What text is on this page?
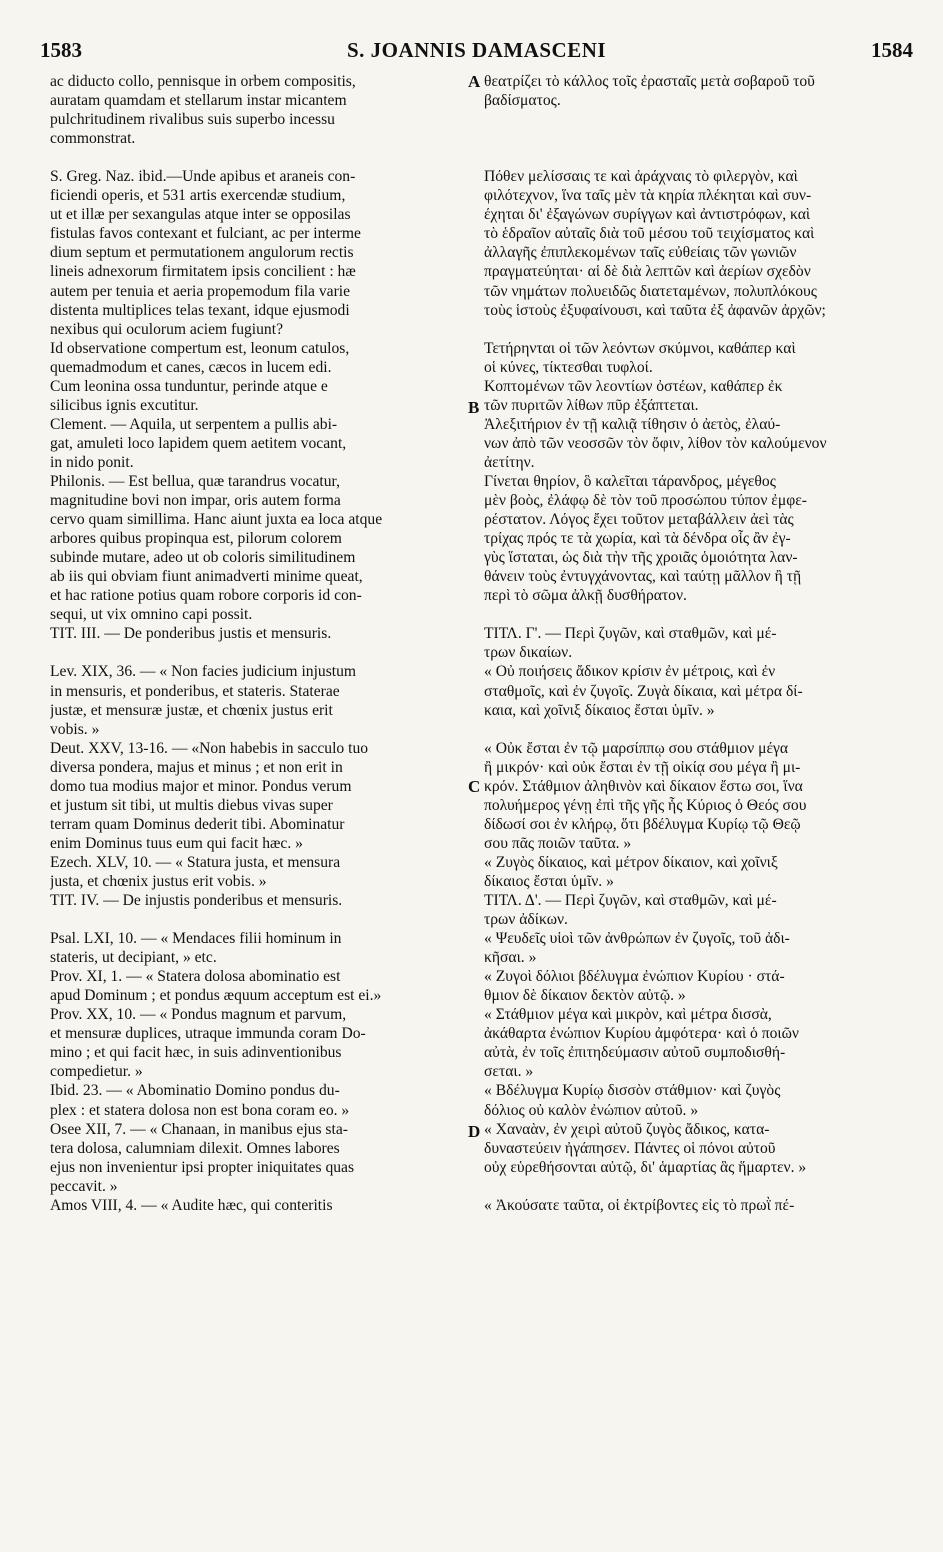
1583	S. JOANNIS DAMASCENI	1584
ac diducto collo, pennisque in orbem compositis,
auratam quamdam et stellarum instar micantem
pulchritudinem rivalibus suis superbo incessu
commonstrat.
S. Greg. Naz. ibid.—Unde apibus et araneis con-
ficiendi operis, et 531 artis exercendæ studium,
ut et illæ per sexangulas atque inter se opposilas
fistulas favos contexant et fulciant, ac per interme
dium septum et permutationem angulorum rectis
lineis adnexorum firmitatem ipsis concilient : hæ
autem per tenuia et aeria propemodum fila varie
distenta multiplices telas texant, idque ejusmodi
nexibus qui oculorum aciem fugiunt?
Id observatione compertum est, leonum catulos,
quemadmodum et canes, cæcos in lucem edi.
Cum leonina ossa tunduntur, perinde atque e
silicibus ignis excutitur.
Clement. — Aquila, ut serpentem a pullis abi-
gat, amuleti loco lapidem quem aetitem vocant,
in nido ponit.
Philonis. — Est bellua, quæ tarandrus vocatur,
magnitudine bovi non impar, oris autem forma
cervo quam simillima. Hanc aiunt juxta ea loca atque
arbores quibus propinqua est, pilorum colorem
subinde mutare, adeo ut ob coloris similitudinem
ab iis qui obviam fiunt animadverti minime queat,
et hac ratione potius quam robore corporis id con-
sequi, ut vix omnino capi possit.
TIT. III. — De ponderibus justis et mensuris.
Lev. XIX, 36. — « Non facies judicium injustum
in mensuris, et ponderibus, et stateris. Staterae
justæ, et mensuræ justæ, et chœnix justus erit
vobis. »
Deut. XXV, 13-16. — «Non habebis in sacculo tuo
diversa pondera, majus et minus ; et non erit in
domo tua modius major et minor. Pondus verum
et justum sit tibi, ut multis diebus vivas super
terram quam Dominus dederit tibi. Abominatur
enim Dominus tuus eum qui facit hæc. »
Ezech. XLV, 10. — « Statura justa, et mensura
justa, et chœnix justus erit vobis. »
TIT. IV. — De injustis ponderibus et mensuris.
Psal. LXI, 10. — « Mendaces filii hominum in
stateris, ut decipiant, » etc.
Prov. XI, 1. — « Statera dolosa abominatio est
apud Dominum ; et pondus æquum acceptum est ei.»
Prov. XX, 10. — « Pondus magnum et parvum,
et mensuræ duplices, utraque immunda coram Do-
mino ; et qui facit hæc, in suis adinventionibus
compedietur. »
Ibid. 23. — « Abominatio Domino pondus du-
plex : et statera dolosa non est bona coram eo. »
Osee XII, 7. — « Chanaan, in manibus ejus sta-
tera dolosa, calumniam dilexit. Omnes labores
ejus non invenientur ipsi propter iniquitates quas
peccavit. »
Amos VIII, 4. — « Audite hæc, qui conteritis
θεατρίζει τὸ κάλλος τοῖς ἐρασταῖς μετὰ σοβαροῦ τοῦ
βαδίσματος.
Πόθεν μελίσσαις τε καὶ ἀράχναις τὸ φιλεργὸν, καὶ
φιλότεχνον, ἵνα ταῖς μὲν τὰ κηρία πλέκηται καὶ συν-
έχηται δι' ἐξαγώνων συρίγγων καὶ ἀντιστρόφων, καὶ
τὸ ἑδραῖον αὐταῖς διὰ τοῦ μέσου τοῦ τειχίσματος καὶ
ἀλλαγῆς ἐπιπλεκομένων ταῖς εὐθείαις τῶν γωνιῶν
πραγματεύηται· αἱ δὲ διὰ λεπτῶν καὶ ἀερίων σχεδὸν
τῶν νημάτων πολυειδῶς διατεταμένων, πολυπλόκους
τοὺς ἱστοὺς ἐξυφαίνουσι, καὶ ταῦτα ἐξ ἀφανῶν ἀρχῶν;
Τετήρηνται οἱ τῶν λεόντων σκύμνοι, καθάπερ καὶ
οἱ κύνες, τίκτεσθαι τυφλοί.
Κοπτομένων τῶν λεοντίων ὀστέων, καθάπερ ἐκ
τῶν πυριτῶν λίθων πῦρ ἐξάπτεται.
Ἀλεξιτήριον ἐν τῇ καλιᾷ τίθησιν ὁ ἀετὸς, ἐλαύ-
νων ἀπὸ τῶν νεοσσῶν τὸν ὄφιν, λίθον τὸν καλούμενον
ἀετίτην.
Γίνεται θηρίον, ὃ καλεῖται τάρανδρος, μέγεθος
μὲν βοὸς, ἐλάφῳ δὲ τὸν τοῦ προσώπου τύπον ἐμφε-
ρέστατον. Λόγος ἔχει τοῦτον μεταβάλλειν ἀεὶ τὰς
τρίχας πρός τε τὰ χωρία, καὶ τὰ δένδρα οἷς ἂν ἐγ-
γὺς ἵσταται, ὡς διὰ τὴν τῆς χροιᾶς ὁμοιότητα λαν-
θάνειν τοὺς ἐντυγχάνοντας, καὶ ταύτῃ μᾶλλον ἢ τῇ
περὶ τὸ σῶμα ἀλκῇ δυσθήρατον.
ΤΙΤΛ. Γ'. — Περὶ ζυγῶν, καὶ σταθμῶν, καὶ μέ-
τρων δικαίων.
« Οὐ ποιήσεις ἄδικον κρίσιν ἐν μέτροις, καὶ ἐν
σταθμοῖς, καὶ ἐν ζυγοῖς. Ζυγὰ δίκαια, καὶ μέτρα δί-
καια, καὶ χοῖνιξ δίκαιος ἔσται ὑμῖν. »
« Οὐκ ἔσται ἐν τῷ μαρσίππῳ σου στάθμιον μέγα
ἢ μικρόν· καὶ οὐκ ἔσται ἐν τῇ οἰκίᾳ σου μέγα ἢ μι-
κρόν. Στάθμιον ἀληθινὸν καὶ δίκαιον ἔστω σοι, ἵνα
πολυήμερος γένῃ ἐπὶ τῆς γῆς ἧς Κύριος ὁ Θεός σου
δίδωσί σοι ἐν κλήρῳ, ὅτι βδέλυγμα Κυρίῳ τῷ Θεῷ
σου πᾶς ποιῶν ταῦτα. »
« Ζυγὸς δίκαιος, καὶ μέτρον δίκαιον, καὶ χοῖνιξ
δίκαιος ἔσται ὑμῖν. »
ΤΙΤΛ. Δ'. — Περὶ ζυγῶν, καὶ σταθμῶν, καὶ μέ-
τρων ἀδίκων.
« Ψευδεῖς υἱοὶ τῶν ἀνθρώπων ἐν ζυγοῖς, τοῦ ἀδι-
κῆσαι. »
« Ζυγοὶ δόλιοι βδέλυγμα ἐνώπιον Κυρίου · στά-
θμιον δὲ δίκαιον δεκτὸν αὐτῷ. »
« Στάθμιον μέγα καὶ μικρὸν, καὶ μέτρα δισσὰ,
ἀκάθαρτα ἐνώπιον Κυρίου ἀμφότερα· καὶ ὁ ποιῶν
αὐτὰ, ἐν τοῖς ἐπιτηδεύμασιν αὐτοῦ συμποδισθή-
σεται. »
« Βδέλυγμα Κυρίῳ δισσὸν στάθμιον· καὶ ζυγὸς
δόλιος οὐ καλὸν ἐνώπιον αὐτοῦ. »
« Χαναὰν, ἐν χειρὶ αὐτοῦ ζυγὸς ἄδικος, κατα-
δυναστεύειν ἠγάπησεν. Πάντες οἱ πόνοι αὐτοῦ
οὐχ εὑρεθήσονται αὐτῷ, δι' ἁμαρτίας ἃς ἥμαρτεν. »
« Ἀκούσατε ταῦτα, οἱ ἐκτρίβοντες εἰς τὸ πρωῒ πέ-
A
B
C
D
